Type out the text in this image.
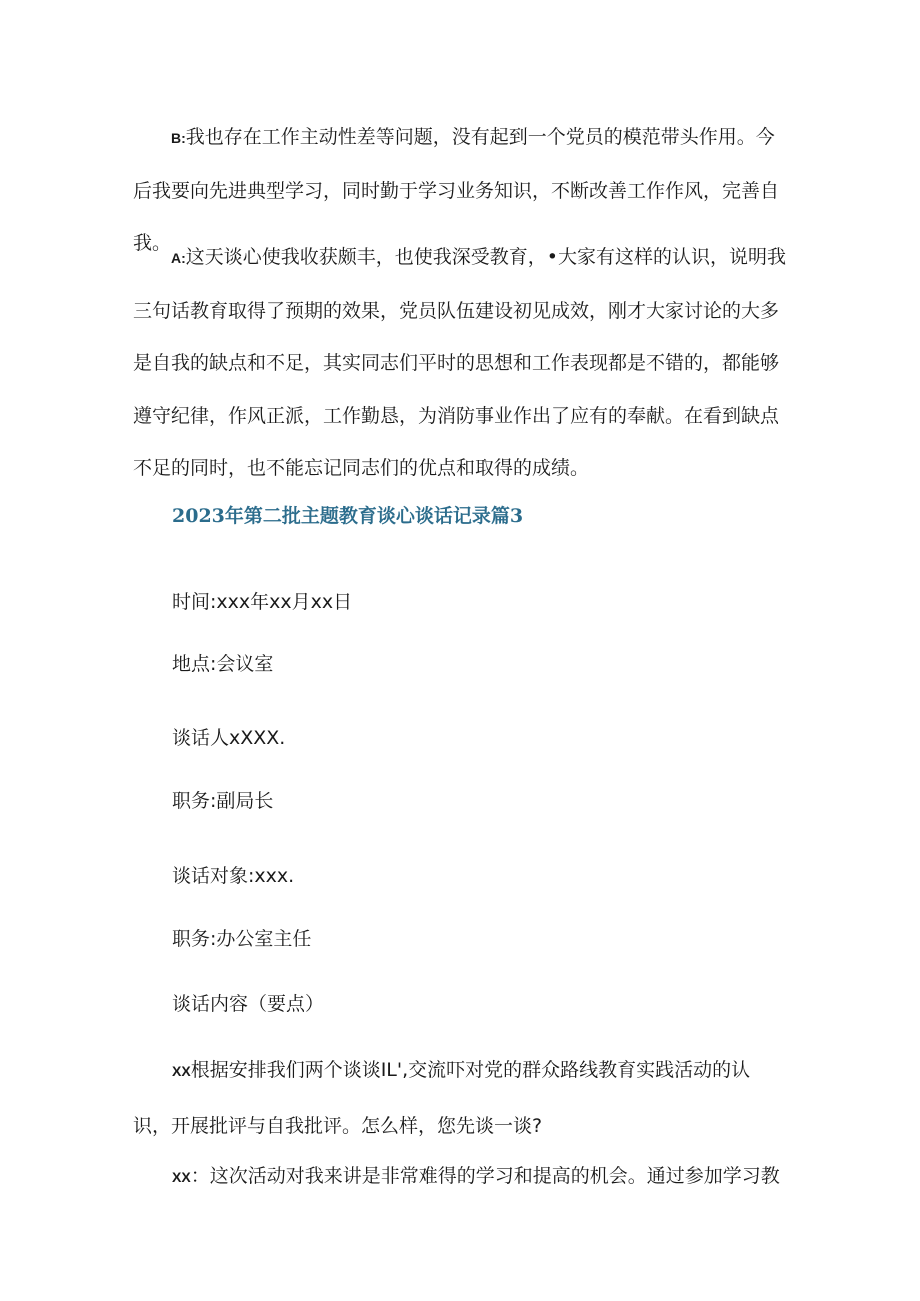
B:我也存在工作主动性差等问题，没有起到一个党员的模范带头作用。今后我要向先进典型学习，同时勤于学习业务知识，不断改善工作作风，完善自我。

A:这天谈心使我收获颇丰，也使我深受教育，•大家有这样的认识，说明我三句话教育取得了预期的效果，党员队伍建设初见成效，刚才大家讨论的大多是自我的缺点和不足，其实同志们平时的思想和工作表现都是不错的，都能够遵守纪律，作风正派，工作勤恳，为消防事业作出了应有的奉献。在看到缺点不足的同时，也不能忘记同志们的优点和取得的成绩。

2023年第二批主题教育谈心谈话记录篇3

时间:xxx年xx月xx日

地点:会议室

谈话人xXXX.

职务:副局长

谈话对象:xxx.

职务:办公室主任

谈话内容（要点）

XX根据安排我们两个谈谈IL',交流吓对党的群众路线教育实践活动的认

识，开展批评与自我批评。怎么样，您先谈一谈?

XX：这次活动对我来讲是非常难得的学习和提高的机会。通过参加学习教
